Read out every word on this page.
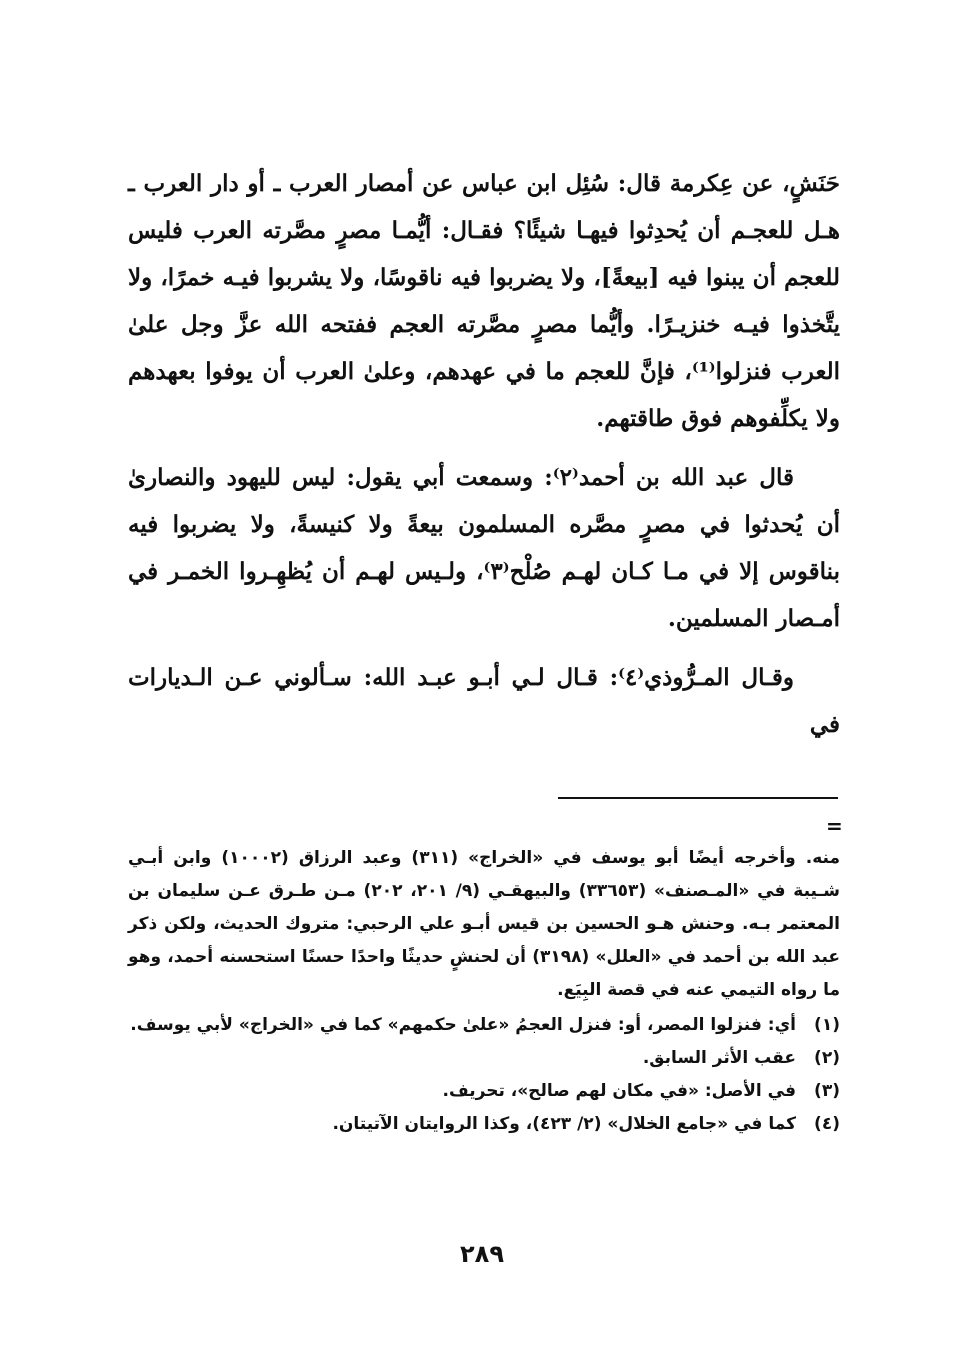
حَنَشٍ، عن عِكرمة قال: سُئِل ابن عباس عن أمصار العرب ـ أو دار العرب ـ هـل للعجـم أن يُحدِثوا فيهـا شيئًا؟ فقـال: أيُّمـا مصرٍ مصَّرته العرب فليس للعجم أن يبنوا فيه [بيعةً]، ولا يضربوا فيه ناقوسًا، ولا يشربوا فيـه خمرًا، ولا يتَّخذوا فيـه خنزيـرًا. وأيُّما مصرٍ مصَّرته العجم ففتحه الله عزَّ وجل علىٰ العرب فنزلوا⁽¹⁾، فإنَّ للعجم ما في عهدهم، وعلىٰ العرب أن يوفوا بعهدهم ولا يكلِّفوهم فوق طاقتهم.

قال عبد الله بن أحمد⁽٢⁾: وسمعت أبي يقول: ليس لليهود والنصارىٰ أن يُحدثوا في مصرٍ مصَّره المسلمون بيعةً ولا كنيسةً، ولا يضربوا فيه بناقوس إلا في مـا كـان لهـم صُلْح⁽٣⁾، ولـيس لهـم أن يُظهِـروا الخمـر في أمـصار المسلمين.

وقـال المـرُّوذي⁽٤⁾: قـال لـي أبـو عبـد الله: سـألوني عـن الـديارات في

=

منه. وأخرجه أيضًا أبو يوسف في «الخراج» (٣١١) وعبد الرزاق (١٠٠٠٢) وابن أبـي شـيبة في «المـصنف» (٣٣٦٥٣) والبيهقـي (٩/ ٢٠١، ٢٠٢) مـن طـرق عـن سليمان بن المعتمر بـه. وحنش هـو الحسين بن قيس أبـو علي الرحبي: متروك الحديث، ولكن ذكر عبد الله بن أحمد في «العلل» (٣١٩٨) أن لحنشٍ حديثًا واحدًا حسنًا استحسنه أحمد، وهو ما رواه التيمي عنه في قصة البِيَع.

(١)
أي: فنزلوا المصر، أو: فنزل العجمُ «علىٰ حكمهم» كما في «الخراج» لأبي يوسف.
(٢)
عقب الأثر السابق.
(٣)
في الأصل: «في مكان لهم صالح»، تحريف.
(٤)
كما في «جامع الخلال» (٢/ ٤٢٣)، وكذا الروايتان الآتيتان.
٢٨٩
